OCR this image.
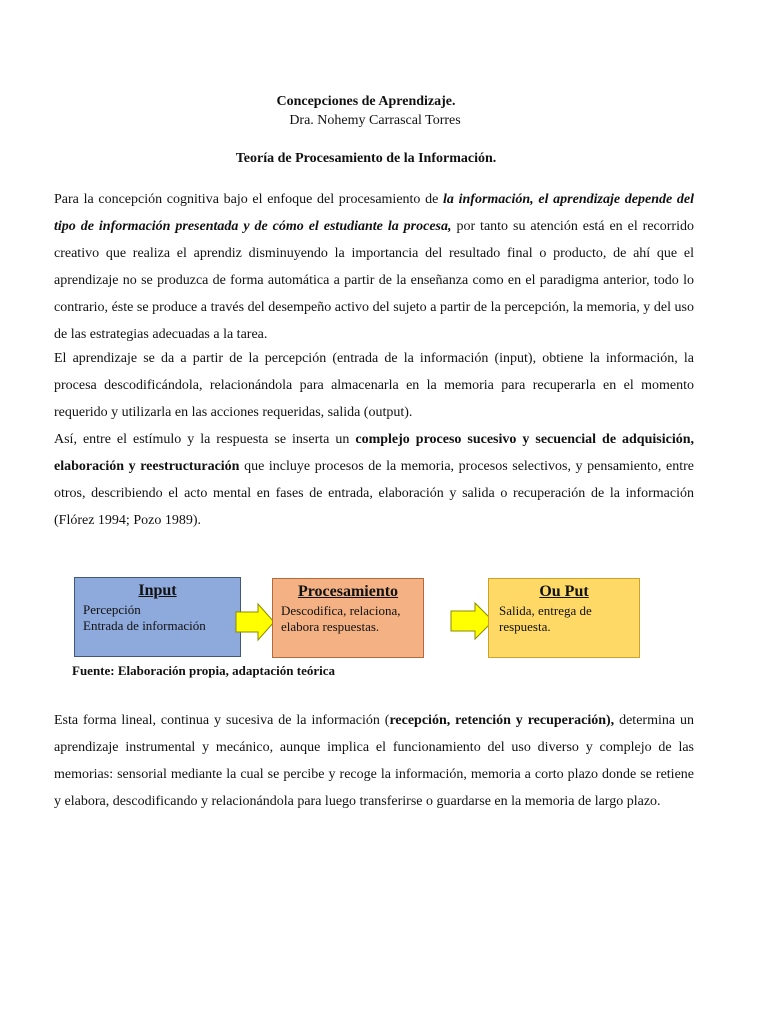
Concepciones de Aprendizaje.
Dra. Nohemy Carrascal Torres
Teoría de Procesamiento de la Información.

Para la concepción cognitiva bajo el enfoque del procesamiento de la información, el aprendizaje depende del tipo de información presentada y de cómo el estudiante la procesa, por tanto su atención está en el recorrido creativo que realiza el aprendiz disminuyendo la importancia del resultado final o producto, de ahí que el aprendizaje no se produzca de forma automática a partir de la enseñanza como en el paradigma anterior, todo lo contrario, éste se produce a través del desempeño activo del sujeto a partir de la percepción, la memoria, y del uso de las estrategias adecuadas a la tarea.

El aprendizaje se da a partir de la percepción (entrada de la información (input), obtiene la información, la procesa descodificándola, relacionándola para almacenarla en la memoria para recuperarla en el momento requerido y utilizarla en las acciones requeridas, salida (output).

Así, entre el estímulo y la respuesta se inserta un complejo proceso sucesivo y secuencial de adquisición, elaboración y reestructuración que incluye procesos de la memoria, procesos selectivos, y pensamiento, entre otros, describiendo el acto mental en fases de entrada, elaboración y salida o recuperación de la información (Flórez 1994; Pozo 1989).

Input
Percepción
Entrada de información
Procesamiento
Descodifica, relaciona,
elabora respuestas.
Ou Put
Salida, entrega de
respuesta.
Fuente: Elaboración propia, adaptación teórica

Esta forma lineal, continua y sucesiva de la información (recepción, retención y recuperación), determina un aprendizaje instrumental y mecánico, aunque implica el funcionamiento del uso diverso y complejo de las memorias: sensorial mediante la cual se percibe y recoge la información, memoria a corto plazo donde se retiene y elabora, descodificando y relacionándola para luego transferirse o guardarse en la memoria de largo plazo.
